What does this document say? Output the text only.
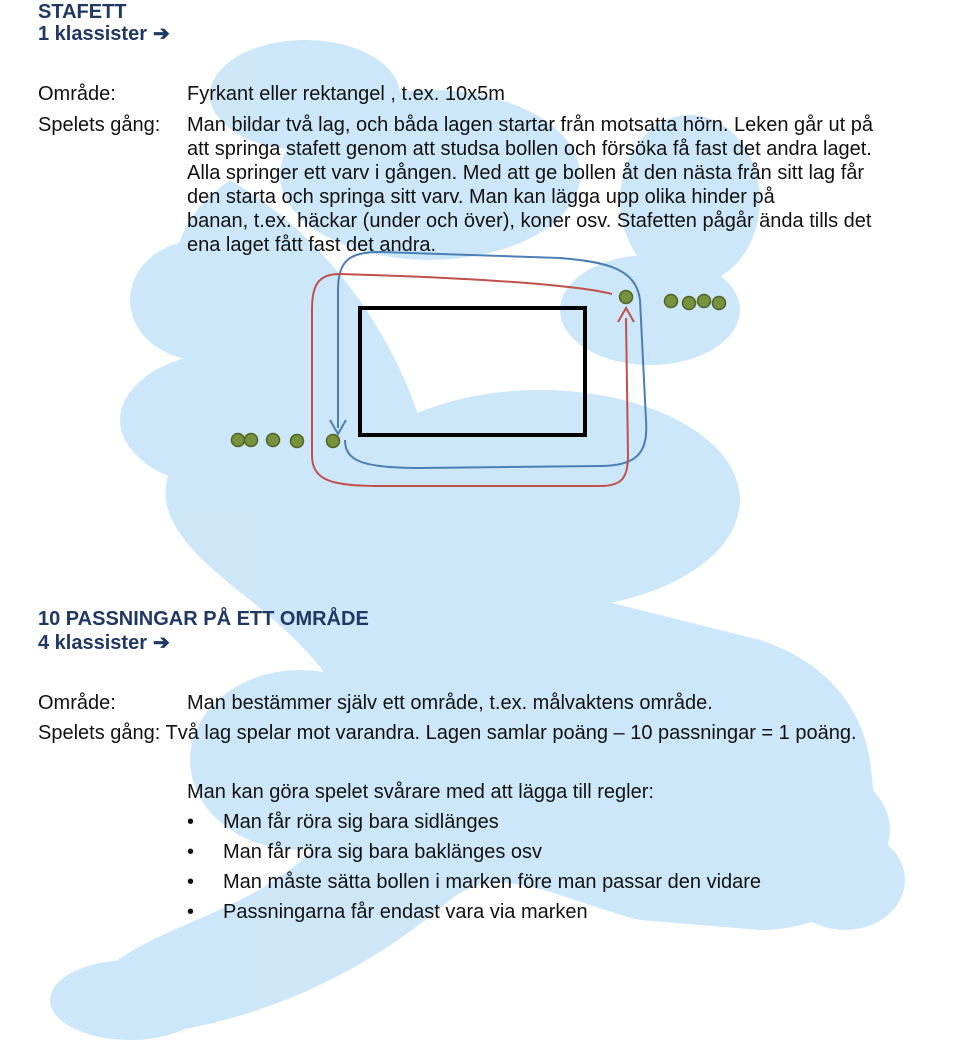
STAFETT
1 klassister ➔
Område:	Fyrkant eller rektangel , t.ex. 10x5m
Spelets gång: Man bildar två lag, och båda lagen startar från motsatta hörn. Leken går ut på
att springa stafett genom att studsa bollen och försöka få fast det andra laget.
Alla springer ett varv i gången. Med att ge bollen åt den nästa från sitt lag får
den starta och springa sitt varv. Man kan lägga upp olika hinder på
banan, t.ex. häckar (under och över), koner osv. Stafetten pågår ända tills det
ena laget fått fast det andra.
10 PASSNINGAR PÅ ETT OMRÅDE
4 klassister ➔
Område:	Man bestämmer själv ett område, t.ex. målvaktens område.
Spelets gång: Två lag spelar mot varandra. Lagen samlar poäng – 10 passningar = 1 poäng.
Man kan göra spelet svårare med att lägga till regler:
• Man får röra sig bara sidlänges
• Man får röra sig bara baklänges osv
• Man måste sätta bollen i marken före man passar den vidare
• Passningarna får endast vara via marken
